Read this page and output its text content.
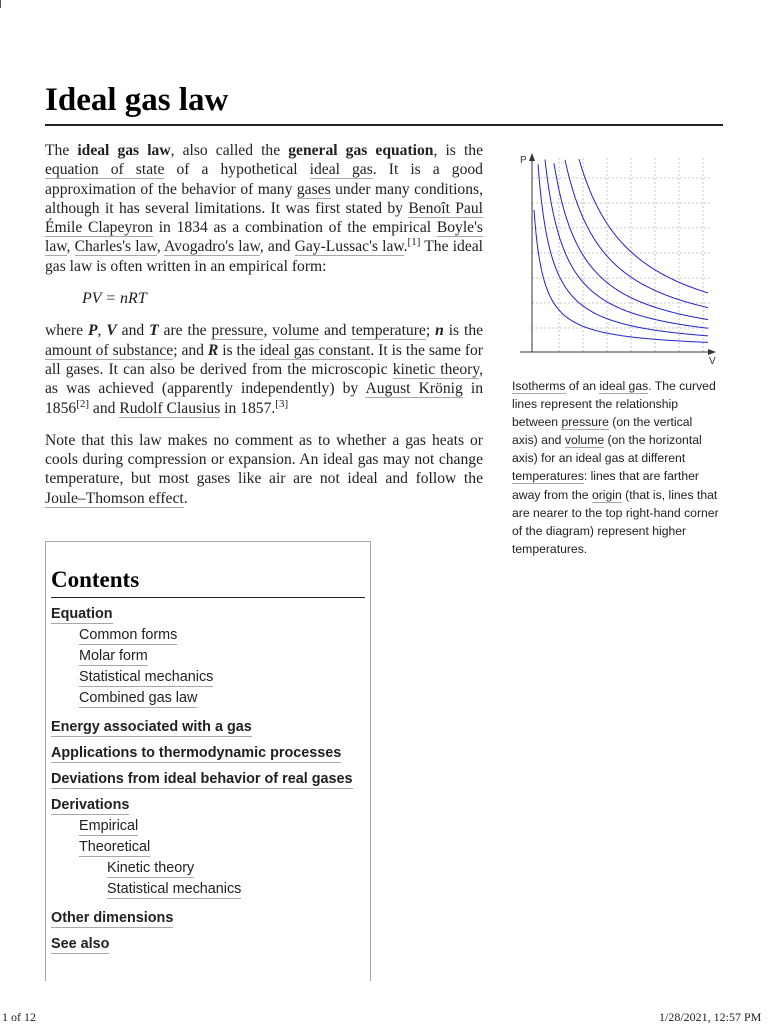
Ideal gas law

The ideal gas law, also called the general gas equation, is the equation of state of a hypothetical ideal gas. It is a good approximation of the behavior of many gases under many conditions, although it has several limitations. It was first stated by Benoît Paul Émile Clapeyron in 1834 as a combination of the empirical Boyle's law, Charles's law, Avogadro's law, and Gay-Lussac's law.[1] The ideal gas law is often written in an empirical form:

PV = nRT

where P, V and T are the pressure, volume and temperature; n is the amount of substance; and R is the ideal gas constant. It is the same for all gases. It can also be derived from the microscopic kinetic theory, as was achieved (apparently independently) by August Krönig in 1856[2] and Rudolf Clausius in 1857.[3]

Note that this law makes no comment as to whether a gas heats or cools during compression or expansion. An ideal gas may not change temperature, but most gases like air are not ideal and follow the Joule–Thomson effect.

P
V
Isotherms of an ideal gas. The curved lines represent the relationship between pressure (on the vertical axis) and volume (on the horizontal axis) for an ideal gas at different temperatures: lines that are farther away from the origin (that is, lines that are nearer to the top right-hand corner of the diagram) represent higher temperatures.
Contents
Equation
Common forms
Molar form
Statistical mechanics
Combined gas law
Energy associated with a gas
Applications to thermodynamic processes
Deviations from ideal behavior of real gases
Derivations
Empirical
Theoretical
Kinetic theory
Statistical mechanics
Other dimensions
See also
1 of 12	1/28/2021, 12:57 PM
